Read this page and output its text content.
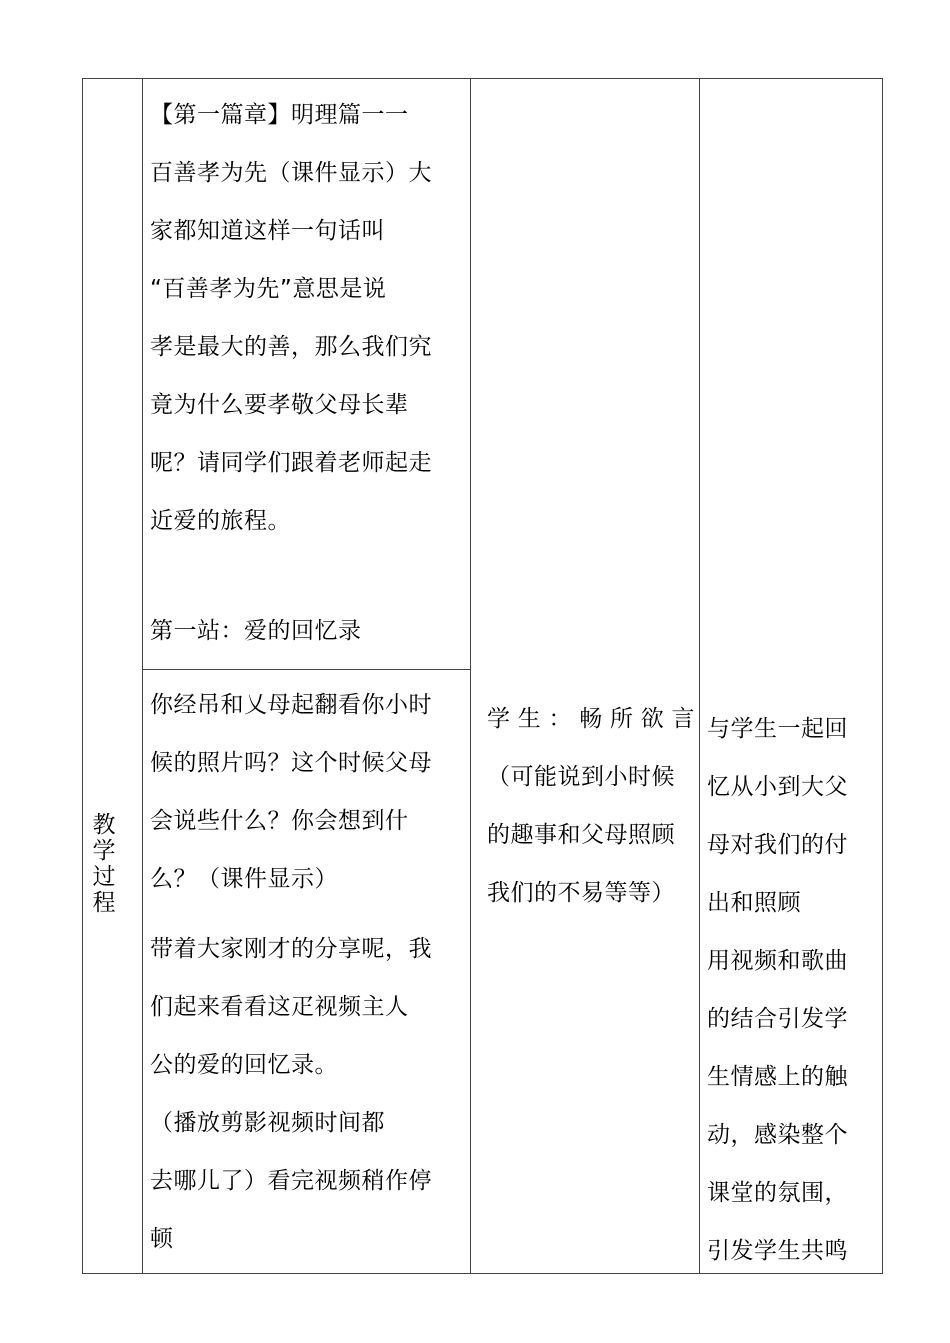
教
学
过
程
【第一篇章】明理篇一一
百善孝为先（课件显示）大
家都知道这样一句话叫
“百善孝为先”意思是说
孝是最大的善，那么我们究
竟为什么要孝敬父母长辈
呢？请同学们跟着老师起走
近爱的旅程。
第一站：爱的回忆录
你经吊和乂母起翻看你小时
候的照片吗？这个时候父母
会说些什么？你会想到什
么？（课件显示）
带着大家刚才的分享呢，我
们起来看看这疋视频主人
公的爱的回忆录。
（播放剪影视频时间都
去哪儿了）看完视频稍作停
顿
学生：畅所欲言
（可能说到小时候
的趣事和父母照顾
我们的不易等等）
与学生一起回
忆从小到大父
母对我们的付
出和照顾
用视频和歌曲
的结合引发学
生情感上的触
动，感染整个
课堂的氛围，
引发学生共鸣
